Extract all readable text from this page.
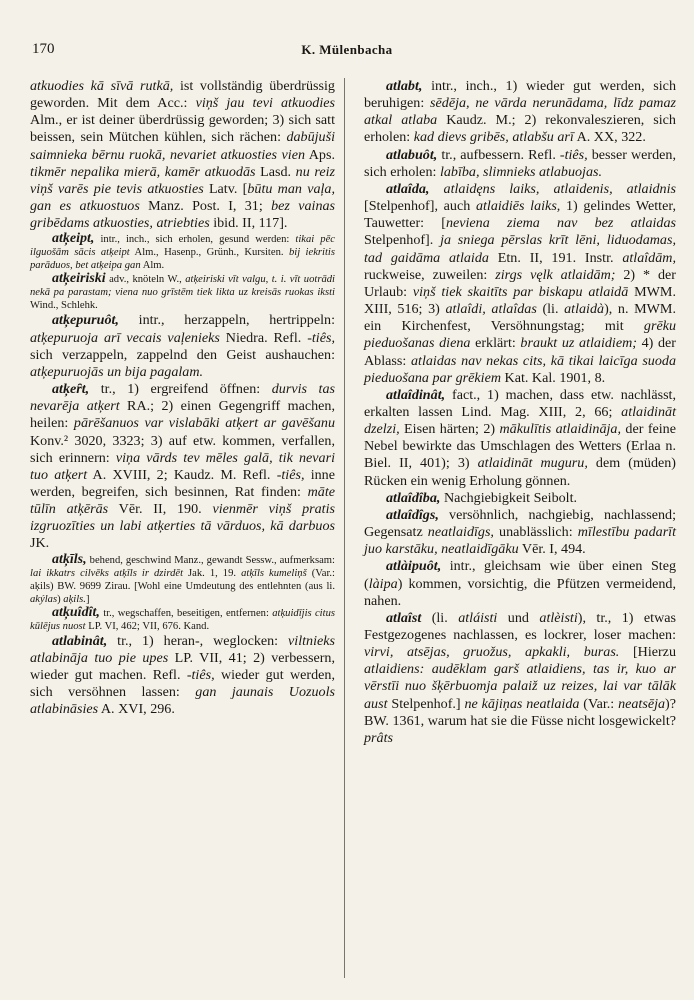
170	K. Mülenbacha

atkuodies kā sīvā rutkā, ist vollständig überdrüssig geworden. Mit dem Acc.: viņš jau tevi atkuodies Alm., er ist deiner überdrüssig geworden; 3) sich satt beissen, sein Mütchen kühlen, sich rächen: dabūjuši saimnieka bērnu ruokā, nevariet atkuosties vien Aps. tikmēr nepalika mierā, kamēr atkuodās Lasd. nu reiz viņš varēs pie tevis atkuosties Latv. [būtu man vaļa, gan es atkuostuos Manz. Post. I, 31; bez vainas gribēdams atkuosties, atriebties ibid. II, 117].

atķeipt, intr., inch., sich erholen, gesund werden: tikai pēc ilguošām sācis atķeipt Alm., Hasenp., Grünh., Kursiten. bij iekritis parāduos, bet atķeipa gan Alm.

atķeiriski adv., knöteln W., atķeiriski vīt valgu, t. i. vīt uotrādi nekā pa parastam; viena nuo grīstēm tiek likta uz kreisās ruokas iksti Wind., Schlehk.

atķepuruôt, intr., herzappeln, hertrippeln: atķepuruoja arī vecais vaļenieks Niedra. Refl. -tiês, sich verzappeln, zappelnd den Geist aushauchen: atķepuruojās un bija pagalam.

atķeȓt, tr., 1) ergreifend öffnen: durvis tas nevarēja atķert RA.; 2) einen Gegengriff machen, heilen: pārēšanuos var vislabāki atķert ar gavēšanu Konv.² 3020, 3323; 3) auf etw. kommen, verfallen, sich erinnern: viņa vārds tev mēles galā, tik nevari tuo atķert A. XVIII, 2; Kaudz. M. Refl. -tiês, inne werden, begreifen, sich besinnen, Rat finden: māte tūlīn atķērās Vēr. II, 190. vienmēr viņš pratis izgruozīties un labi atķerties tā vārduos, kā darbuos JK.

atķīls, behend, geschwind Manz., gewandt Sessw., aufmerksam: lai ikkatrs cilvēks atķīls ir dzirdēt Jak. 1, 19. atķīls kumeliņš (Var.: aķils) BW. 9699 Zirau. [Wohl eine Umdeutung des entlehnten (aus li. akýlas) aķils.]

atķuîdît, tr., wegschaffen, beseitigen, entfernen: atķuidījis citus kūlējus nuost LP. VI, 462; VII, 676. Kand.

atlabinât, tr., 1) heran-, weglocken: viltnieks atlabināja tuo pie upes LP. VII, 41; 2) verbessern, wieder gut machen. Refl. -tiês, wieder gut werden, sich versöhnen lassen: gan jaunais Uozuols atlabināsies A. XVI, 296.

atlabt, intr., inch., 1) wieder gut werden, sich beruhigen: sēdēja, ne vārda nerunādama, līdz pamaz atkal atlaba Kaudz. M.; 2) rekonvaleszieren, sich erholen: kad dievs gribēs, atlabšu arī A. XX, 322.

atlabuôt, tr., aufbessern. Refl. -tiês, besser werden, sich erholen: labība, slimnieks atlabuojas.

atlaîda, atlaidęns laiks, atlaidenis, atlaidnis [Stelpenhof], auch atlaidiēs laiks, 1) gelindes Wetter, Tauwetter: [neviena ziema nav bez atlaidas Stelpenhof]. ja sniega pērslas krīt lēni, liduodamas, tad gaidāma atlaida Etn. II, 191. Instr. atlaîdām, ruckweise, zuweilen: zirgs vęlk atlaidām; 2) * der Urlaub: viņš tiek skaitīts par biskapu atlaidā MWM. XIII, 516; 3) atlaîdi, atlaîdas (li. atlaidà), n. MWM. ein Kirchenfest, Versöhnungstag; mit grēku pieduošanas diena erklärt: braukt uz atlaidiem; 4) der Ablass: atlaidas nav nekas cits, kā tikai laicīga suoda pieduošana par grēkiem Kat. Kal. 1901, 8.

atlaîdinât, fact., 1) machen, dass etw. nachlässt, erkalten lassen Lind. Mag. XIII, 2, 66; atlaidināt dzelzi, Eisen härten; 2) mākulītis atlaidināja, der feine Nebel bewirkte das Umschlagen des Wetters (Erlaa n. Biel. II, 401); 3) atlaidināt muguru, dem (müden) Rücken ein wenig Erholung gönnen.

atlaîdîba, Nachgiebigkeit Seibolt.

atlaîdîgs, versöhnlich, nachgiebig, nachlassend; Gegensatz neatlaidīgs, unablässlich: mīlestību padarīt juo karstāku, neatlaidīgāku Vēr. I, 494.

atlàipuôt, intr., gleichsam wie über einen Steg (làipa) kommen, vorsichtig, die Pfützen vermeidend, nahen.

atlaîst (li. atláisti und atlèisti), tr., 1) etwas Festgezogenes nachlassen, es lockrer, loser machen: virvi, atsējas, gruožus, apkakli, buras. [Hierzu atlaidiens: audēklam garš atlaidiens, tas ir, kuo ar vērstīi nuo šķērbuomja palaiž uz reizes, lai var tālāk aust Stelpenhof.] ne kājiņas neatlaida (Var.: neatsēja)? BW. 1361, warum hat sie die Füsse nicht losgewickelt? prâts
